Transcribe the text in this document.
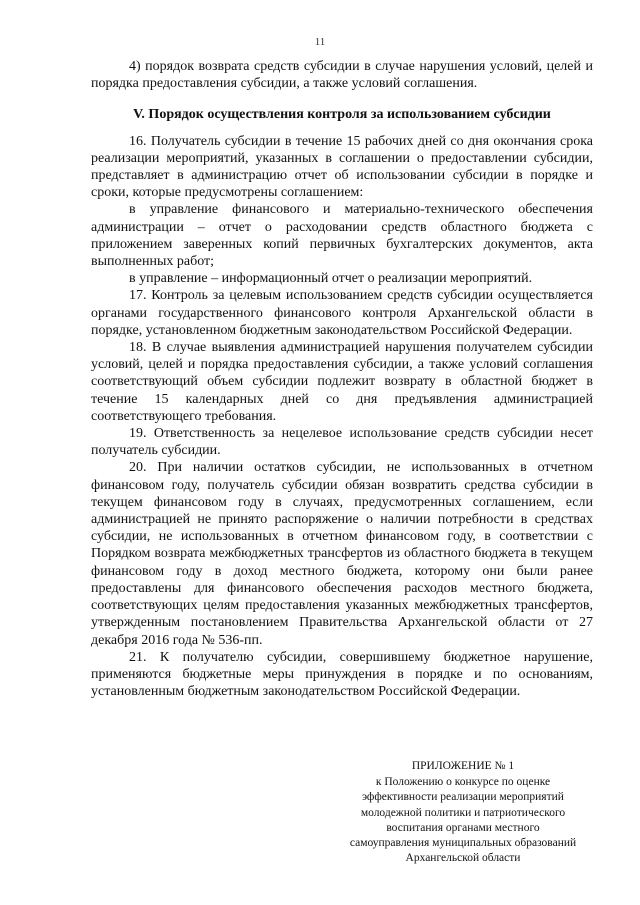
11

4) порядок возврата средств субсидии в случае нарушения условий, целей и порядка предоставления субсидии, а также условий соглашения.

V. Порядок осуществления контроля за использованием субсидии

16. Получатель субсидии в течение 15 рабочих дней со дня окончания срока реализации мероприятий, указанных в соглашении о предоставлении субсидии, представляет в администрацию отчет об использовании субсидии в порядке и сроки, которые предусмотрены соглашением:

в управление финансового и материально-технического обеспечения администрации – отчет о расходовании средств областного бюджета с приложением заверенных копий первичных бухгалтерских документов, акта выполненных работ;

в управление – информационный отчет о реализации мероприятий.

17. Контроль за целевым использованием средств субсидии осуществляется органами государственного финансового контроля Архангельской области в порядке, установленном бюджетным законодательством Российской Федерации.

18. В случае выявления администрацией нарушения получателем субсидии условий, целей и порядка предоставления субсидии, а также условий соглашения соответствующий объем субсидии подлежит возврату в областной бюджет в течение 15 календарных дней со дня предъявления администрацией соответствующего требования.

19. Ответственность за нецелевое использование средств субсидии несет получатель субсидии.

20. При наличии остатков субсидии, не использованных в отчетном финансовом году, получатель субсидии обязан возвратить средства субсидии в текущем финансовом году в случаях, предусмотренных соглашением, если администрацией не принято распоряжение о наличии потребности в средствах субсидии, не использованных в отчетном финансовом году, в соответствии с Порядком возврата межбюджетных трансфертов из областного бюджета в текущем финансовом году в доход местного бюджета, которому они были ранее предоставлены для финансового обеспечения расходов местного бюджета, соответствующих целям предоставления указанных межбюджетных трансфертов, утвержденным постановлением Правительства Архангельской области от 27 декабря 2016 года № 536-пп.

21. К получателю субсидии, совершившему бюджетное нарушение, применяются бюджетные меры принуждения в порядке и по основаниям, установленным бюджетным законодательством Российской Федерации.

ПРИЛОЖЕНИЕ № 1
к Положению о конкурсе по оценке
эффективности реализации мероприятий
молодежной политики и патриотического
воспитания органами местного
самоуправления муниципальных образований
Архангельской области
